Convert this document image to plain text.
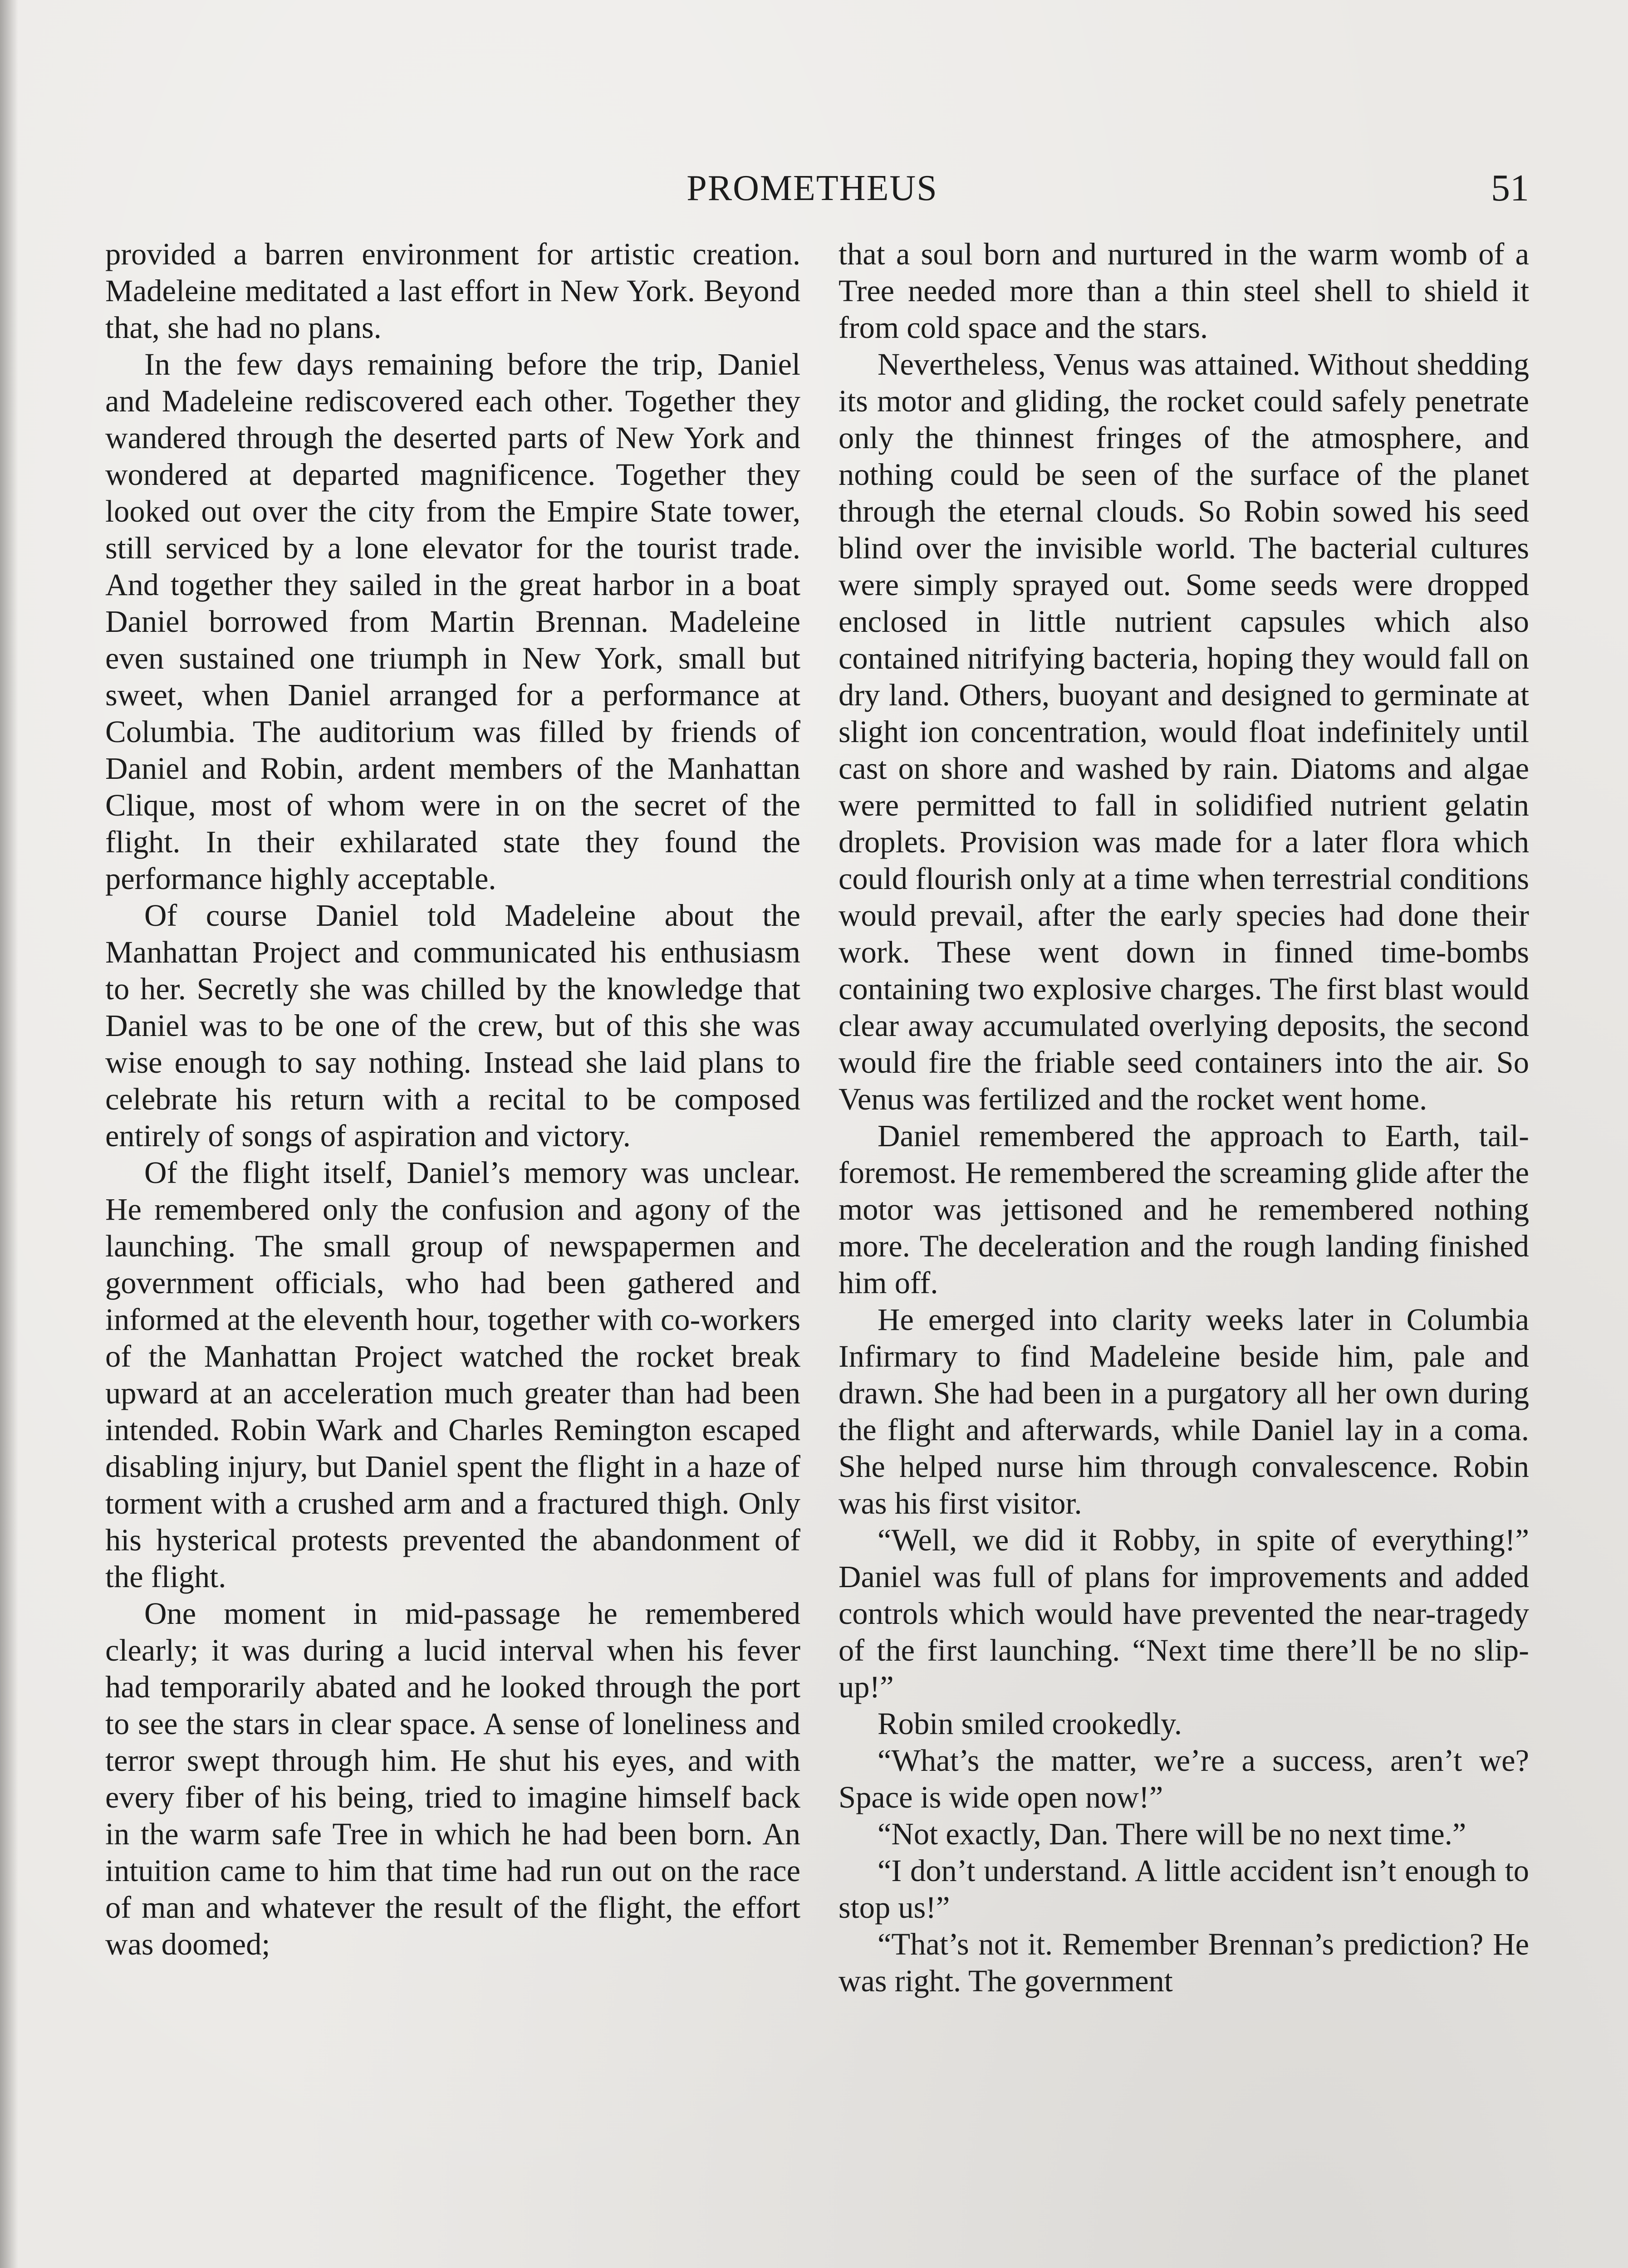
PROMETHEUS	51

provided a barren environment for artistic creation. Madeleine meditated a last effort in New York. Beyond that, she had no plans.

In the few days remaining before the trip, Daniel and Madeleine rediscovered each other. Together they wandered through the deserted parts of New York and wondered at departed magnificence. Together they looked out over the city from the Empire State tower, still serviced by a lone elevator for the tourist trade. And together they sailed in the great harbor in a boat Daniel borrowed from Martin Brennan. Madeleine even sustained one triumph in New York, small but sweet, when Daniel arranged for a performance at Columbia. The auditorium was filled by friends of Daniel and Robin, ardent members of the Manhattan Clique, most of whom were in on the secret of the flight. In their exhilarated state they found the performance highly acceptable.

Of course Daniel told Madeleine about the Manhattan Project and communicated his enthusiasm to her. Secretly she was chilled by the knowledge that Daniel was to be one of the crew, but of this she was wise enough to say nothing. Instead she laid plans to celebrate his return with a recital to be composed entirely of songs of aspiration and victory.

Of the flight itself, Daniel’s memory was unclear. He remembered only the confusion and agony of the launching. The small group of newspapermen and government officials, who had been gathered and informed at the eleventh hour, together with co-workers of the Manhattan Project watched the rocket break upward at an acceleration much greater than had been intended. Robin Wark and Charles Remington escaped disabling injury, but Daniel spent the flight in a haze of torment with a crushed arm and a fractured thigh. Only his hysterical protests prevented the abandonment of the flight.

One moment in mid-passage he remembered clearly; it was during a lucid interval when his fever had temporarily abated and he looked through the port to see the stars in clear space. A sense of loneliness and terror swept through him. He shut his eyes, and with every fiber of his being, tried to imagine himself back in the warm safe Tree in which he had been born. An intuition came to him that time had run out on the race of man and whatever the result of the flight, the effort was doomed;

that a soul born and nurtured in the warm womb of a Tree needed more than a thin steel shell to shield it from cold space and the stars.

Nevertheless, Venus was attained. Without shedding its motor and gliding, the rocket could safely penetrate only the thinnest fringes of the atmosphere, and nothing could be seen of the surface of the planet through the eternal clouds. So Robin sowed his seed blind over the invisible world. The bacterial cultures were simply sprayed out. Some seeds were dropped enclosed in little nutrient capsules which also contained nitrifying bacteria, hoping they would fall on dry land. Others, buoyant and designed to germinate at slight ion concentration, would float indefinitely until cast on shore and washed by rain. Diatoms and algae were permitted to fall in solidified nutrient gelatin droplets. Provision was made for a later flora which could flourish only at a time when terrestrial conditions would prevail, after the early species had done their work. These went down in finned time-bombs containing two explosive charges. The first blast would clear away accumulated overlying deposits, the second would fire the friable seed containers into the air. So Venus was fertilized and the rocket went home.

Daniel remembered the approach to Earth, tail-foremost. He remembered the screaming glide after the motor was jettisoned and he remembered nothing more. The deceleration and the rough landing finished him off.

He emerged into clarity weeks later in Columbia Infirmary to find Madeleine beside him, pale and drawn. She had been in a purgatory all her own during the flight and afterwards, while Daniel lay in a coma. She helped nurse him through convalescence. Robin was his first visitor.

“Well, we did it Robby, in spite of everything!” Daniel was full of plans for improvements and added controls which would have prevented the near-tragedy of the first launching. “Next time there’ll be no slip-up!”

Robin smiled crookedly.

“What’s the matter, we’re a success, aren’t we? Space is wide open now!”

“Not exactly, Dan. There will be no next time.”

“I don’t understand. A little accident isn’t enough to stop us!”

“That’s not it. Remember Brennan’s prediction? He was right. The government
